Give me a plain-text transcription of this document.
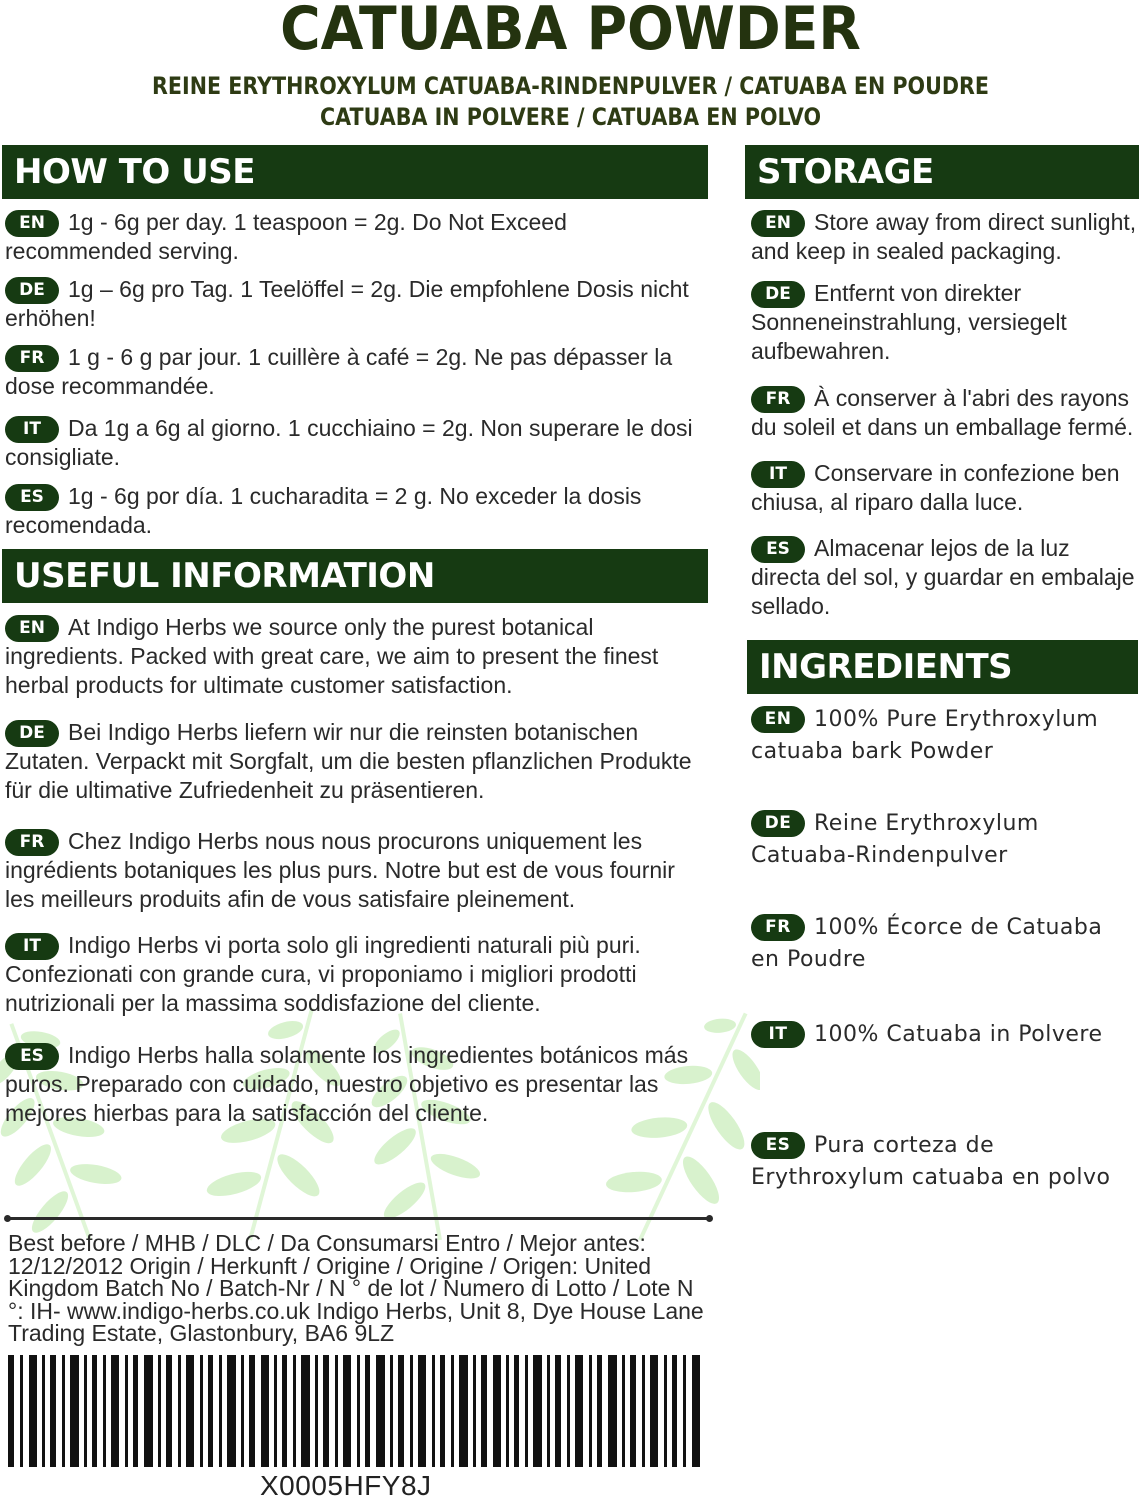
CATUABA POWDER
REINE ERYTHROXYLUM CATUABA-RINDENPULVER / CATUABA EN POUDRE
CATUABA IN POLVERE / CATUABA EN POLVO
HOW TO USE
EN 1g - 6g per day. 1 teaspoon = 2g. Do Not Exceed recommended serving.
DE 1g – 6g pro Tag. 1 Teelöffel = 2g. Die empfohlene Dosis nicht erhöhen!
FR 1 g - 6 g par jour. 1 cuillère à café = 2g. Ne pas dépasser la dose recommandée.
IT Da 1g a 6g al giorno. 1 cucchiaino = 2g. Non superare le dosi consigliate.
ES 1g - 6g por día. 1 cucharadita = 2 g. No exceder la dosis recomendada.
USEFUL INFORMATION
EN At Indigo Herbs we source only the purest botanical ingredients. Packed with great care, we aim to present the finest herbal products for ultimate customer satisfaction.
DE Bei Indigo Herbs liefern wir nur die reinsten botanischen Zutaten. Verpackt mit Sorgfalt, um die besten pflanzlichen Produkte für die ultimative Zufriedenheit zu präsentieren.
FR Chez Indigo Herbs nous nous procurons uniquement les ingrédients botaniques les plus purs. Notre but est de vous fournir les meilleurs produits afin de vous satisfaire pleinement.
IT Indigo Herbs vi porta solo gli ingredienti naturali più puri. Confezionati con grande cura, vi proponiamo i migliori prodotti nutrizionali per la massima soddisfazione del cliente.
ES Indigo Herbs halla solamente los ingredientes botánicos más puros. Preparado con cuidado, nuestro objetivo es presentar las mejores hierbas para la satisfacción del cliente.
STORAGE
EN Store away from direct sunlight, and keep in sealed packaging.
DE Entfernt von direkter Sonneneinstrahlung, versiegelt aufbewahren.
FR À conserver à l'abri des rayons du soleil et dans un emballage fermé.
IT Conservare in confezione ben chiusa, al riparo dalla luce.
ES Almacenar lejos de la luz directa del sol, y guardar en embalaje sellado.
INGREDIENTS
EN 100% Pure Erythroxylum catuaba bark Powder
DE Reine Erythroxylum Catuaba-Rindenpulver
FR 100% Écorce de Catuaba en Poudre
IT 100% Catuaba in Polvere
ES Pura corteza de Erythroxylum catuaba en polvo
Best before / MHB / DLC / Da Consumarsi Entro / Mejor antes: 12/12/2012 Origin / Herkunft / Origine / Origine / Origen: United Kingdom Batch No / Batch-Nr / N ° de lot / Numero di Lotto / Lote N °: IH- www.indigo-herbs.co.uk Indigo Herbs, Unit 8, Dye House Lane Trading Estate, Glastonbury, BA6 9LZ
X0005HFY8J
